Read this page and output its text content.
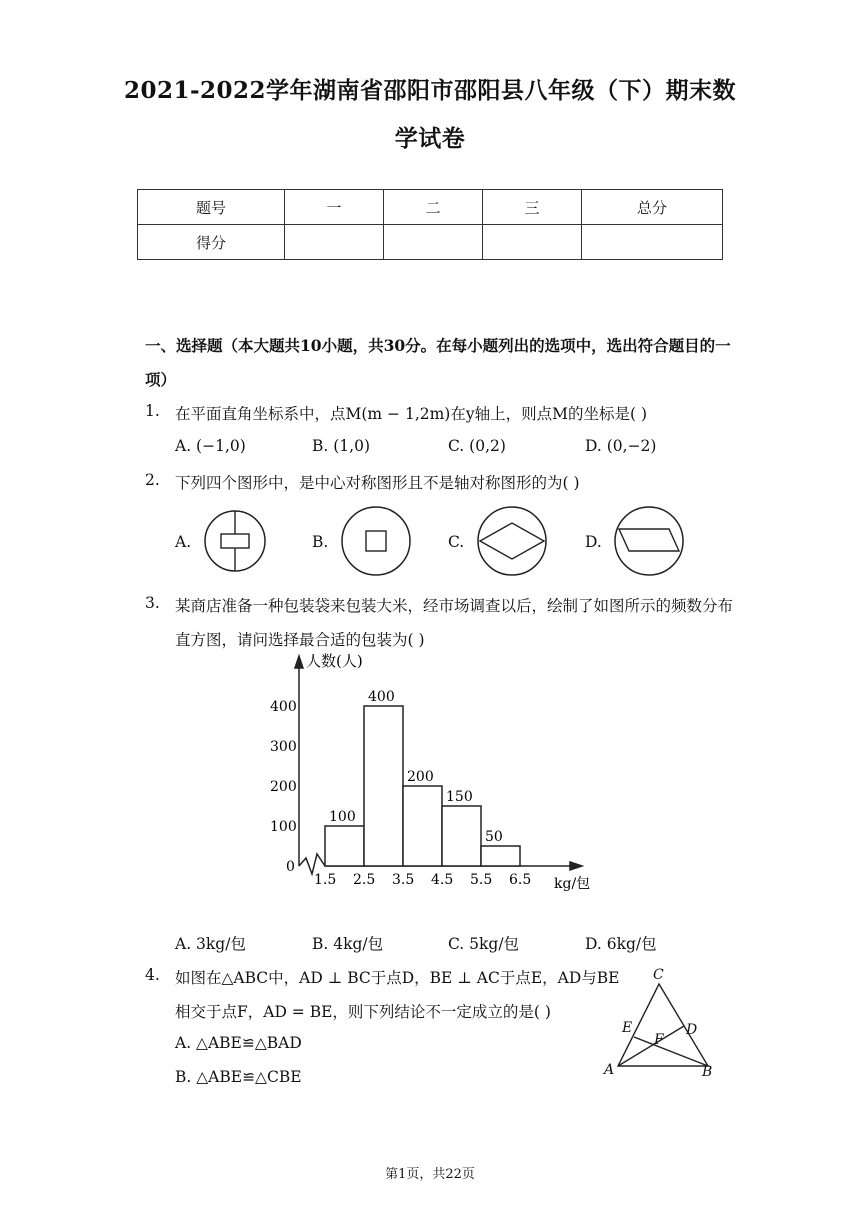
2021-2022学年湖南省邵阳市邵阳县八年级（下）期末数
学试卷
题号	一	二	三	总分
得分				
一、选择题（本大题共10小题，共30分。在每小题列出的选项中，选出符合题目的一
项）
1. 在平面直角坐标系中，点M(m − 1,2m)在y轴上，则点M的坐标是( )
A. (−1,0)	B. (1,0)	C. (0,2)	D. (0,−2)
2. 下列四个图形中，是中心对称图形且不是轴对称图形的为( )
A.	B.	C.	D.
3. 某商店准备一种包装袋来包装大米，经市场调查以后，绘制了如图所示的频数分布
直方图，请问选择最合适的包装为( )
100
400
200
150
50
0
100
200
300
400
1.5 2.5 3.5 4.5 5.5 6.5
人数(人)
kg/包
A. 3kg/包	B. 4kg/包	C. 5kg/包	D. 6kg/包
4. 如图在△ABC中，AD ⊥ BC于点D，BE ⊥ AC于点E，AD与BE
相交于点F，AD = BE，则下列结论不一定成立的是( )
A. △ABE≌△BAD
B. △ABE≌△CBE
C
E
F
D
A	B
第1页，共22页
